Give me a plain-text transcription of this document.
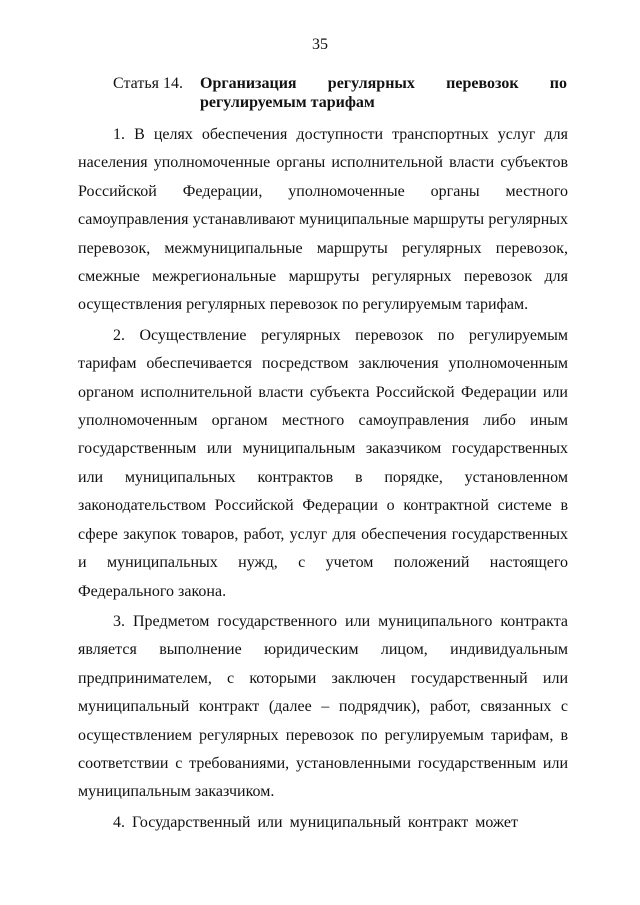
35
Статья 14. Организация регулярных перевозок по регулируемым тарифам

1. В целях обеспечения доступности транспортных услуг для населения уполномоченные органы исполнительной власти субъектов Российской Федерации, уполномоченные органы местного самоуправления устанавливают муниципальные маршруты регулярных перевозок, межмуниципальные маршруты регулярных перевозок, смежные межрегиональные маршруты регулярных перевозок для осуществления регулярных перевозок по регулируемым тарифам.

2. Осуществление регулярных перевозок по регулируемым тарифам обеспечивается посредством заключения уполномоченным органом исполнительной власти субъекта Российской Федерации или уполномоченным органом местного самоуправления либо иным государственным или муниципальным заказчиком государственных или муниципальных контрактов в порядке, установленном законодательством Российской Федерации о контрактной системе в сфере закупок товаров, работ, услуг для обеспечения государственных и муниципальных нужд, с учетом положений настоящего Федерального закона.

3. Предметом государственного или муниципального контракта является выполнение юридическим лицом, индивидуальным предпринимателем, с которыми заключен государственный или муниципальный контракт (далее – подрядчик), работ, связанных с осуществлением регулярных перевозок по регулируемым тарифам, в соответствии с требованиями, установленными государственным или муниципальным заказчиком.

4. Государственный или муниципальный контракт может
